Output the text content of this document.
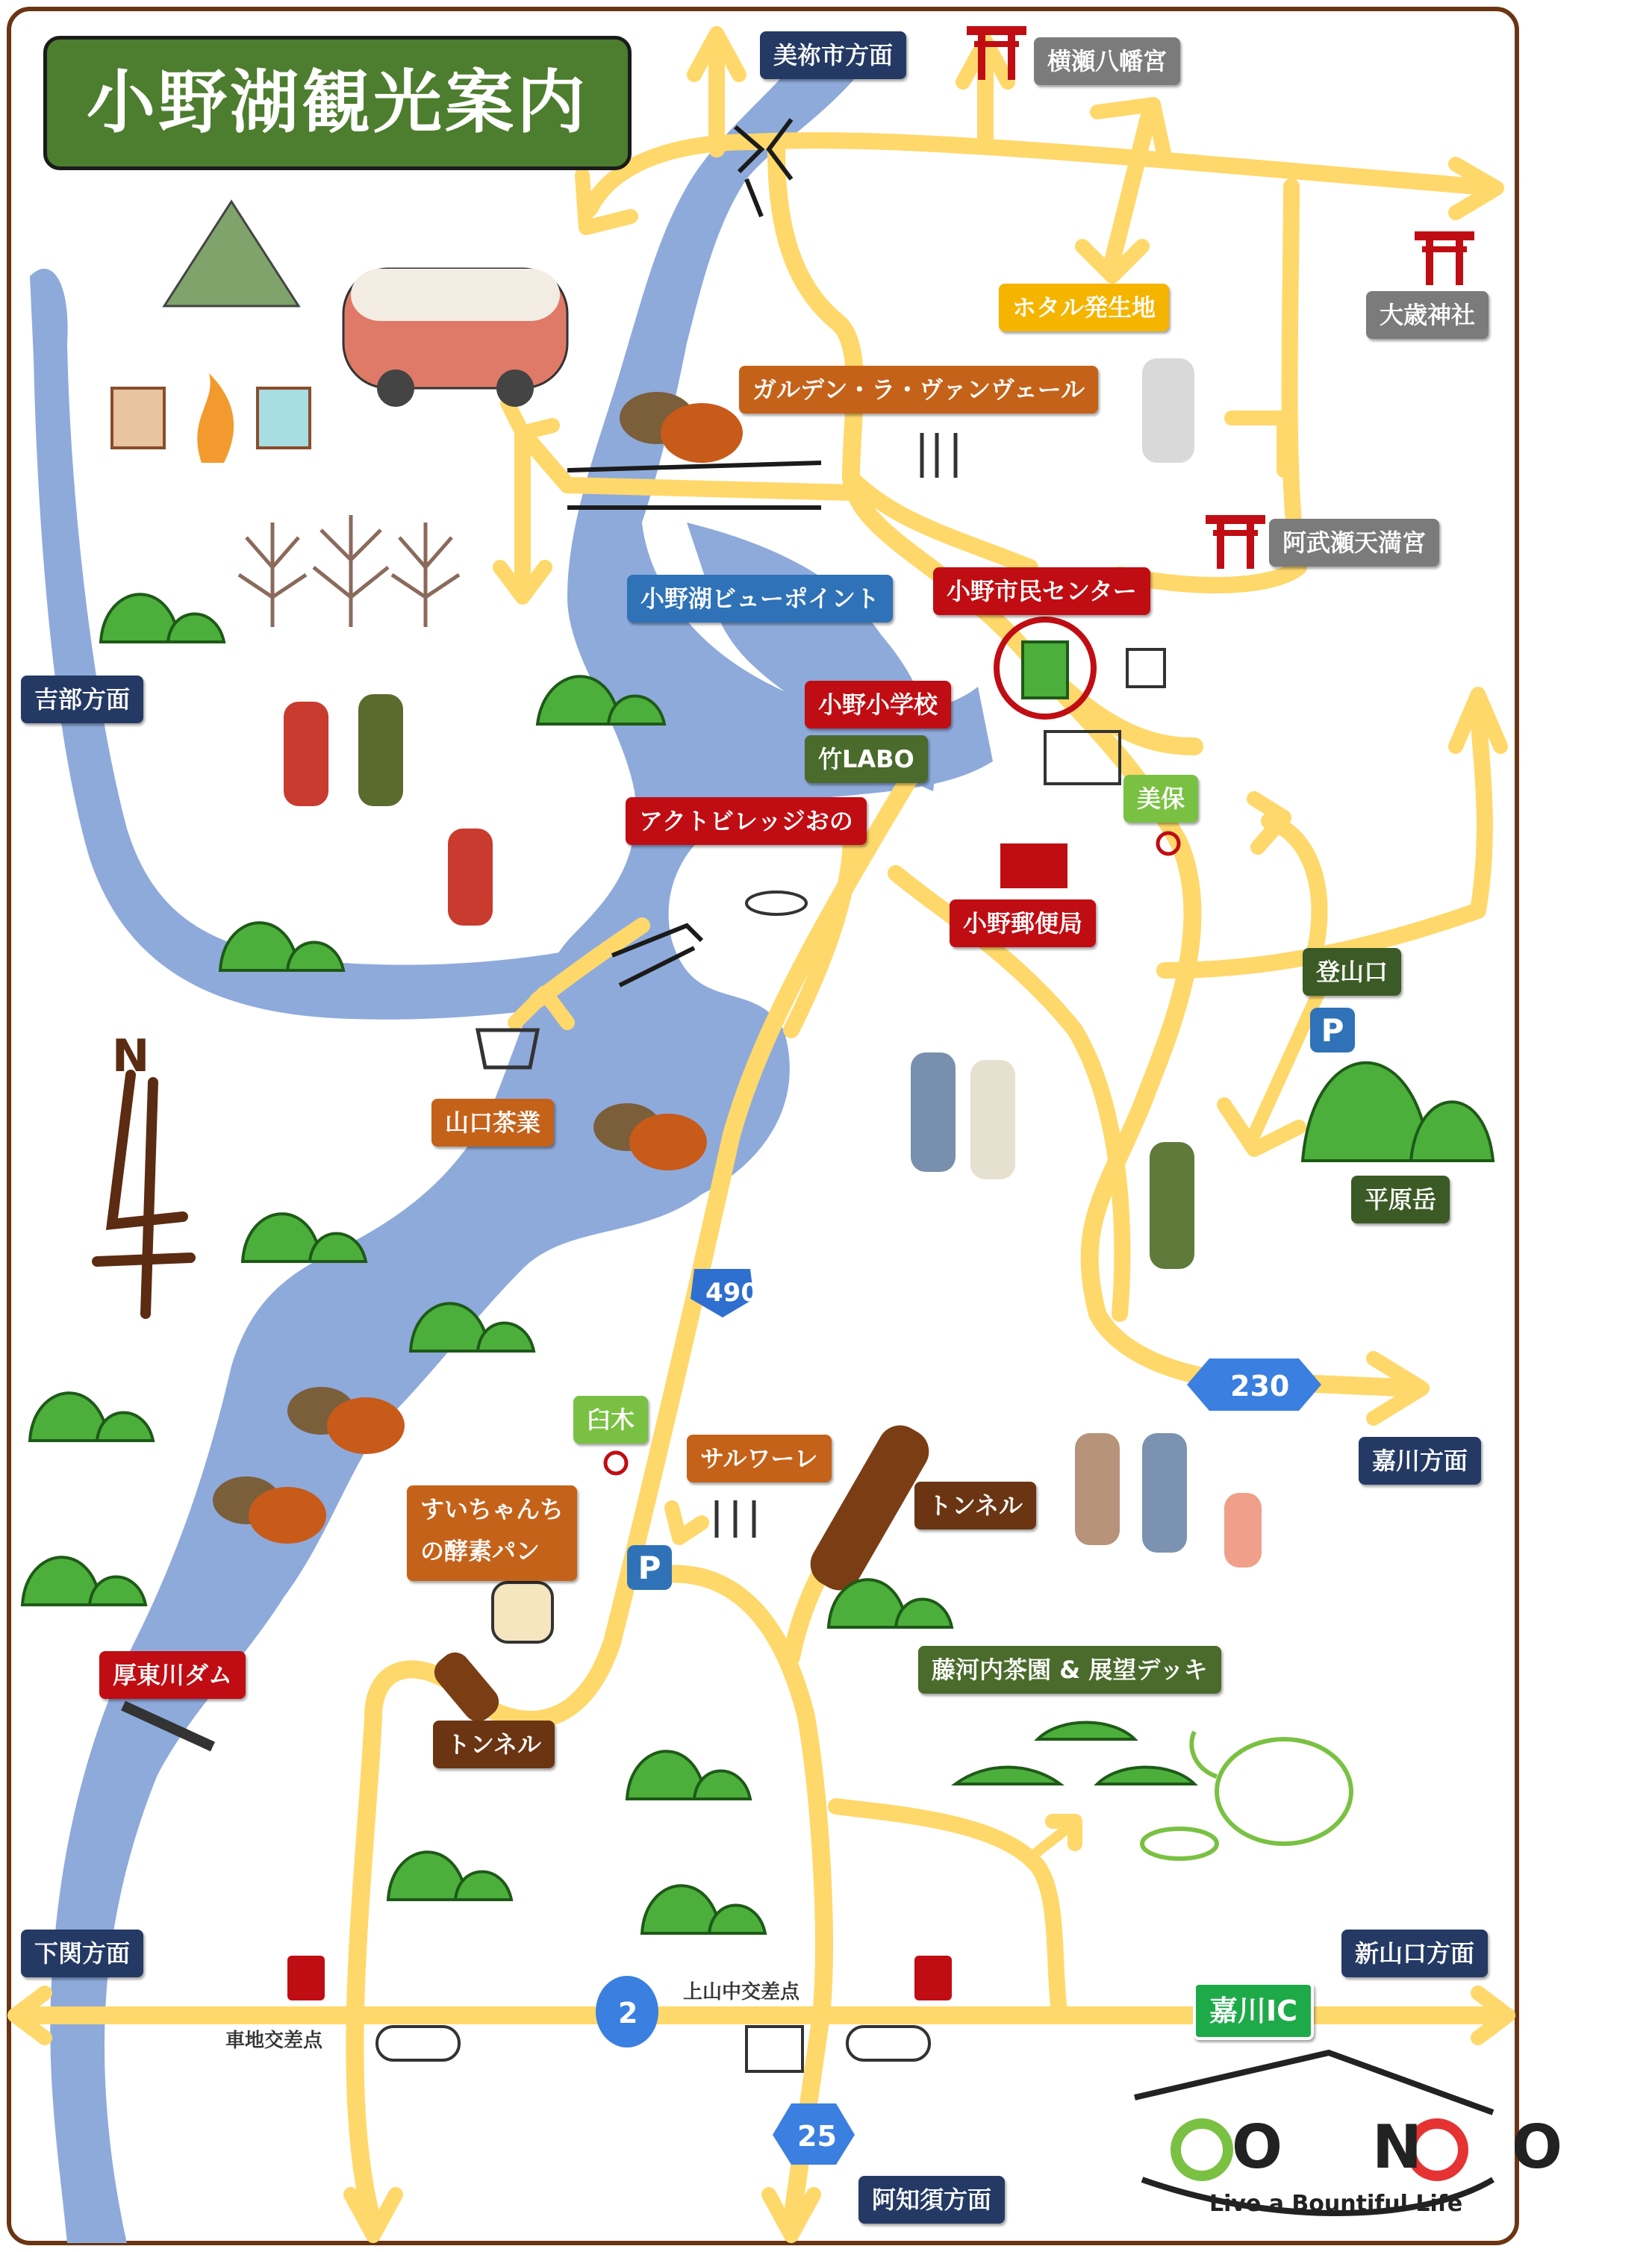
P
P
小野湖観光案内
N
美祢市方面
吉部方面
下関方面	新山口方面
嘉川方面
阿知須方面
横瀬八幡宮
大歳神社
阿武瀬天満宮
ホタル発生地
ガルデン・ラ・ヴァンヴェール
小野湖ビューポイント	小野市民センター
小野小学校
竹LABO
アクトビレッジおの
美保
小野郵便局
登山口
平原岳
山口茶業
臼木
サルワーレ
すいちゃんち
の酵素パン
トンネル
トンネル
厚東川ダム	藤河内茶園 & 展望デッキ
上山中交差点
車地交差点
嘉川IC
490
230
2
25	ONO
Live a Bountiful Life
